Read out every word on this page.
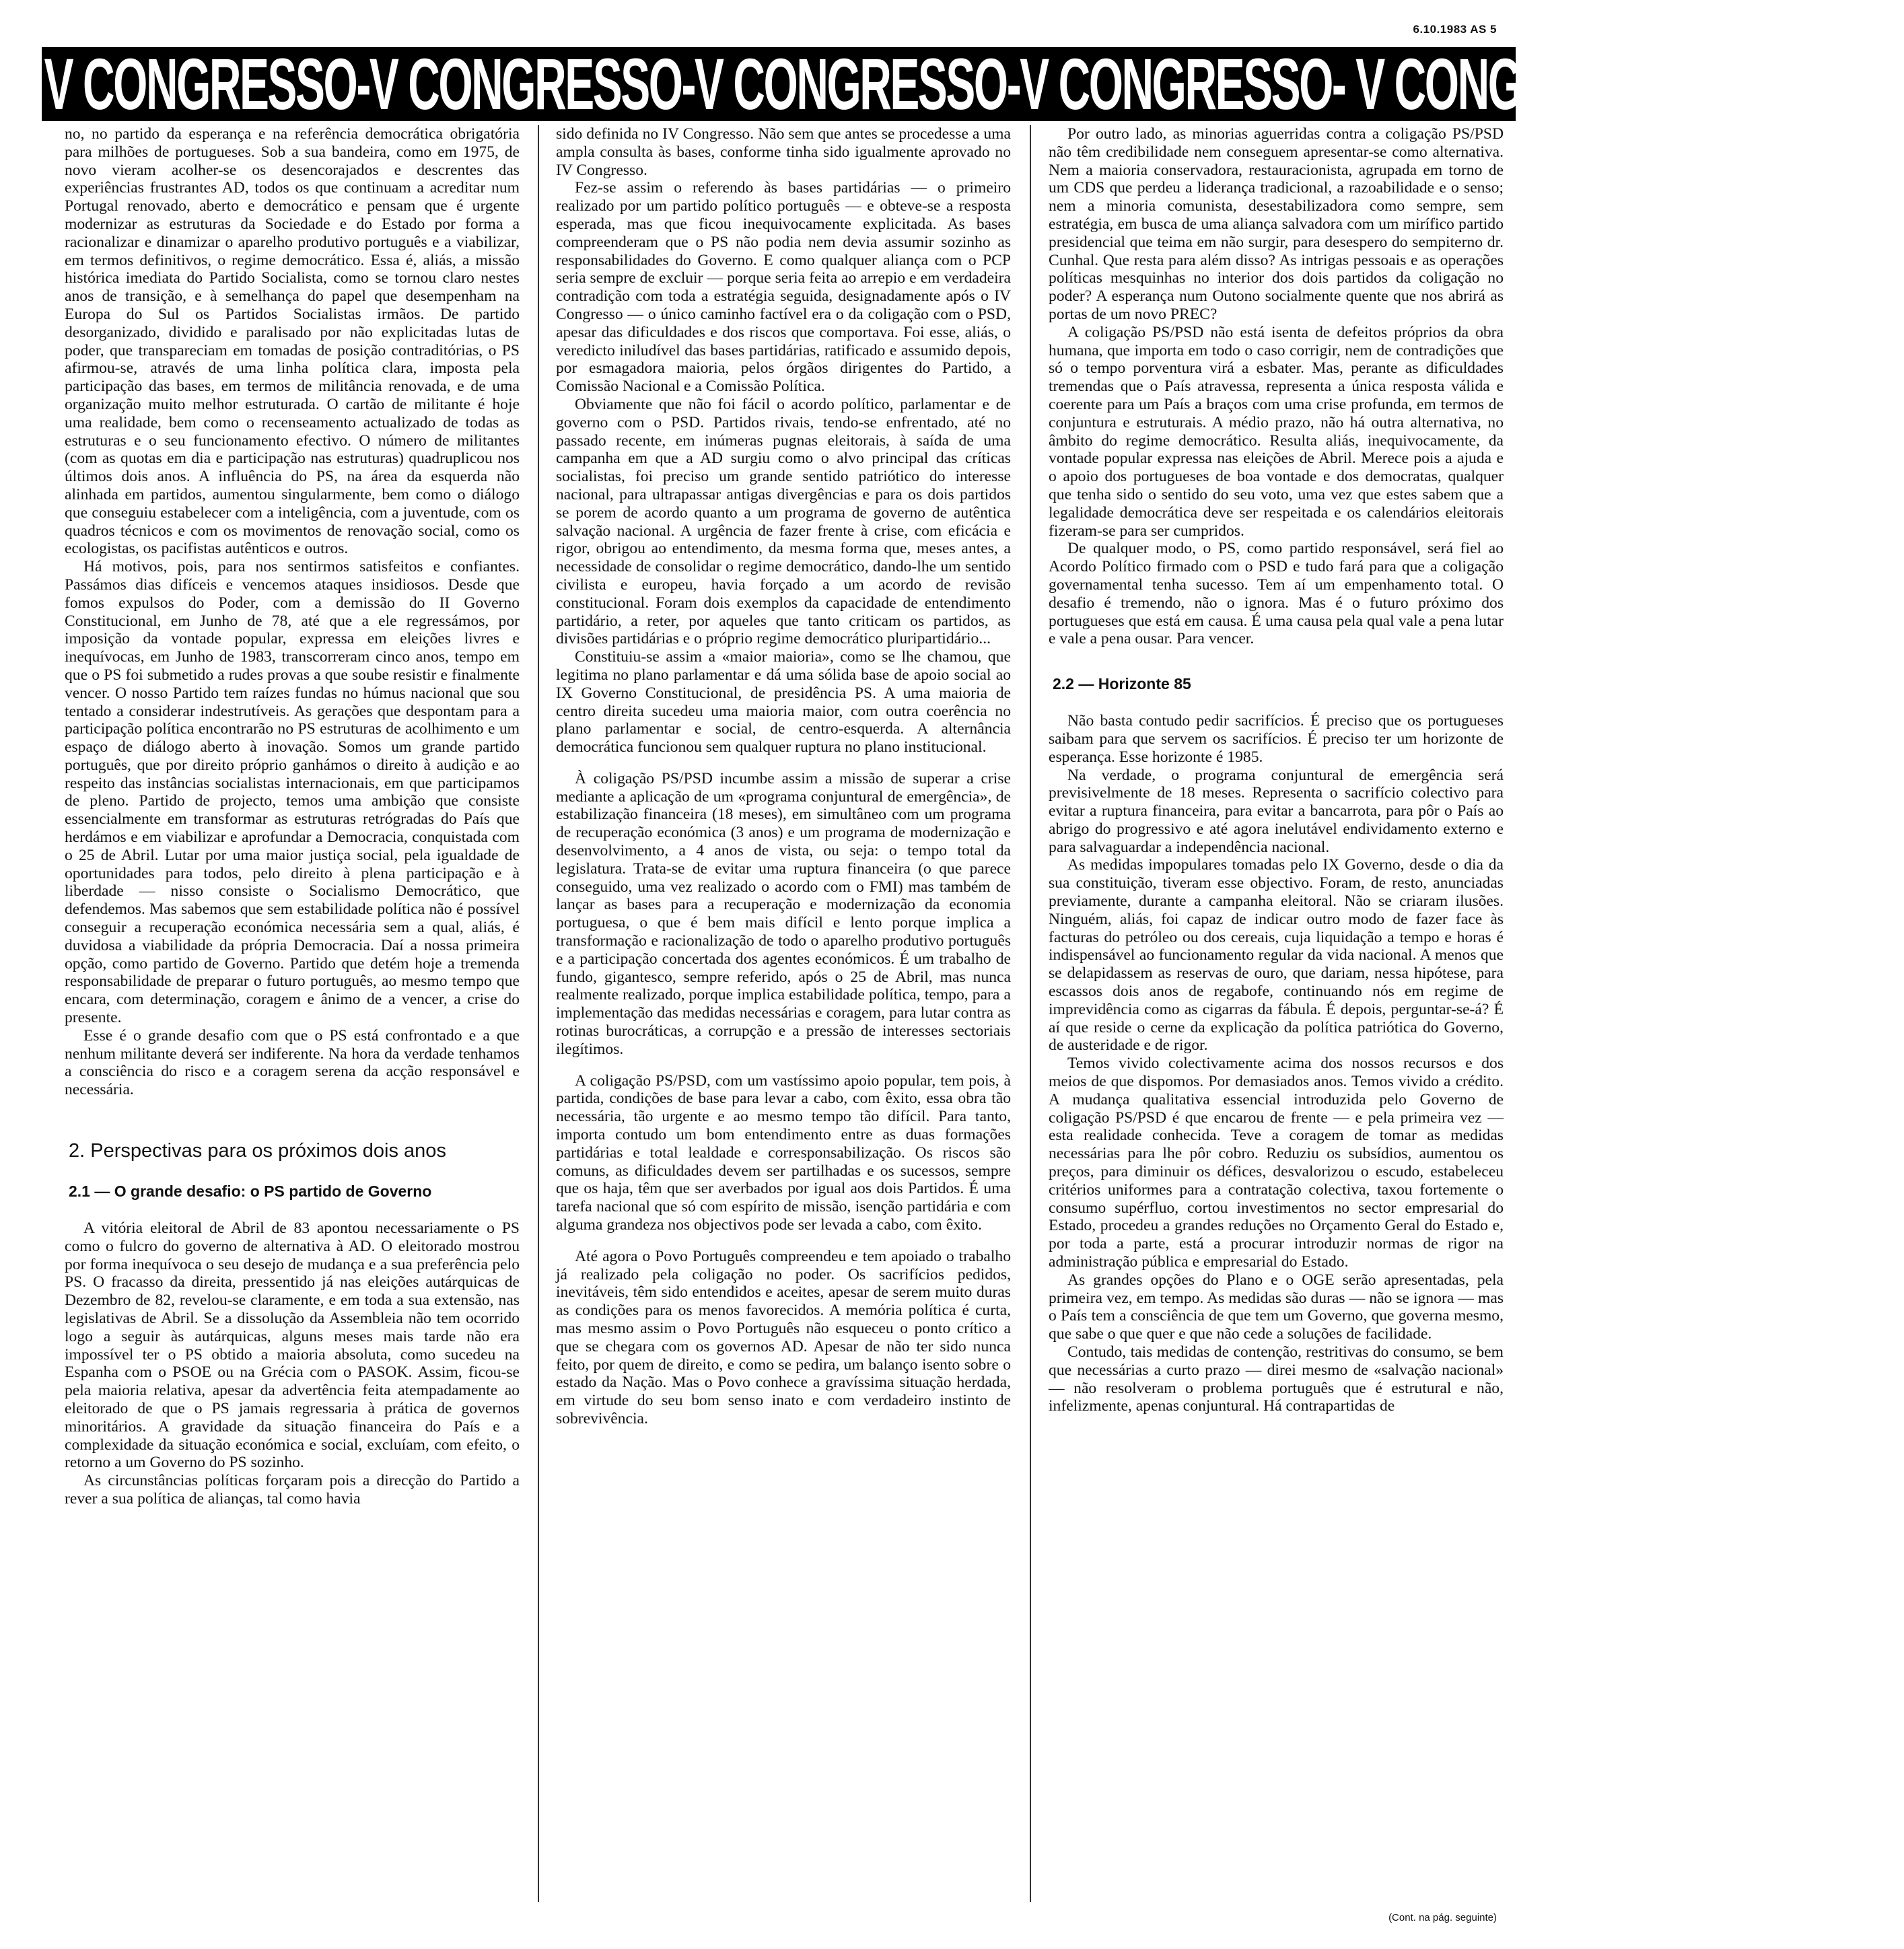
6.10.1983 AS 5
V CONGRESSO-V CONGRESSO-V CONGRESSO-V CONGRESSO- V CONGRESSO-V CONGRE

no, no partido da esperança e na referência democrática obrigatória para milhões de portugueses. Sob a sua bandeira, como em 1975, de novo vieram acolher-se os desencorajados e descrentes das experiências frustrantes AD, todos os que continuam a acreditar num Portugal renovado, aberto e democrático e pensam que é urgente modernizar as estruturas da Sociedade e do Estado por forma a racionalizar e dinamizar o aparelho produtivo português e a viabilizar, em termos definitivos, o regime democrático. Essa é, aliás, a missão histórica imediata do Partido Socialista, como se tornou claro nestes anos de transição, e à semelhança do papel que desempenham na Europa do Sul os Partidos Socialistas irmãos. De partido desorganizado, dividido e paralisado por não explicitadas lutas de poder, que transpareciam em tomadas de posição contraditórias, o PS afirmou-se, através de uma linha política clara, imposta pela participação das bases, em termos de militância renovada, e de uma organização muito melhor estruturada. O cartão de militante é hoje uma realidade, bem como o recenseamento actualizado de todas as estruturas e o seu funcionamento efectivo. O número de militantes (com as quotas em dia e participação nas estruturas) quadruplicou nos últimos dois anos. A influência do PS, na área da esquerda não alinhada em partidos, aumentou singularmente, bem como o diálogo que conseguiu estabelecer com a inteligência, com a juventude, com os quadros técnicos e com os movimentos de renovação social, como os ecologistas, os pacifistas autênticos e outros.

Há motivos, pois, para nos sentirmos satisfeitos e confiantes. Passámos dias difíceis e vencemos ataques insidiosos. Desde que fomos expulsos do Poder, com a demissão do II Governo Constitucional, em Junho de 78, até que a ele regressámos, por imposição da vontade popular, expressa em eleições livres e inequívocas, em Junho de 1983, transcorreram cinco anos, tempo em que o PS foi submetido a rudes provas a que soube resistir e finalmente vencer. O nosso Partido tem raízes fundas no húmus nacional que sou tentado a considerar indestrutíveis. As gerações que despontam para a participação política encontrarão no PS estruturas de acolhimento e um espaço de diálogo aberto à inovação. Somos um grande partido português, que por direito próprio ganhámos o direito à audição e ao respeito das instâncias socialistas internacionais, em que participamos de pleno. Partido de projecto, temos uma ambição que consiste essencialmente em transformar as estruturas retrógradas do País que herdámos e em viabilizar e aprofundar a Democracia, conquistada com o 25 de Abril. Lutar por uma maior justiça social, pela igualdade de oportunidades para todos, pelo direito à plena participação e à liberdade — nisso consiste o Socialismo Democrático, que defendemos. Mas sabemos que sem estabilidade política não é possível conseguir a recuperação económica necessária sem a qual, aliás, é duvidosa a viabilidade da própria Democracia. Daí a nossa primeira opção, como partido de Governo. Partido que detém hoje a tremenda responsabilidade de preparar o futuro português, ao mesmo tempo que encara, com determinação, coragem e ânimo de a vencer, a crise do presente.

Esse é o grande desafio com que o PS está confrontado e a que nenhum militante deverá ser indiferente. Na hora da verdade tenhamos a consciência do risco e a coragem serena da acção responsável e necessária.

2. Perspectivas para os próximos dois anos
2.1 — O grande desafio: o PS partido de Governo

A vitória eleitoral de Abril de 83 apontou necessariamente o PS como o fulcro do governo de alternativa à AD. O eleitorado mostrou por forma inequívoca o seu desejo de mudança e a sua preferência pelo PS. O fracasso da direita, pressentido já nas eleições autárquicas de Dezembro de 82, revelou-se claramente, e em toda a sua extensão, nas legislativas de Abril. Se a dissolução da Assembleia não tem ocorrido logo a seguir às autárquicas, alguns meses mais tarde não era impossível ter o PS obtido a maioria absoluta, como sucedeu na Espanha com o PSOE ou na Grécia com o PASOK. Assim, ficou-se pela maioria relativa, apesar da advertência feita atempadamente ao eleitorado de que o PS jamais regressaria à prática de governos minoritários. A gravidade da situação financeira do País e a complexidade da situação económica e social, excluíam, com efeito, o retorno a um Governo do PS sozinho.

As circunstâncias políticas forçaram pois a direcção do Partido a rever a sua política de alianças, tal como havia

sido definida no IV Congresso. Não sem que antes se procedesse a uma ampla consulta às bases, conforme tinha sido igualmente aprovado no IV Congresso.

Fez-se assim o referendo às bases partidárias — o primeiro realizado por um partido político português — e obteve-se a resposta esperada, mas que ficou inequivocamente explicitada. As bases compreenderam que o PS não podia nem devia assumir sozinho as responsabilidades do Governo. E como qualquer aliança com o PCP seria sempre de excluir — porque seria feita ao arrepio e em verdadeira contradição com toda a estratégia seguida, designadamente após o IV Congresso — o único caminho factível era o da coligação com o PSD, apesar das dificuldades e dos riscos que comportava. Foi esse, aliás, o veredicto iniludível das bases partidárias, ratificado e assumido depois, por esmagadora maioria, pelos órgãos dirigentes do Partido, a Comissão Nacional e a Comissão Política.

Obviamente que não foi fácil o acordo político, parlamentar e de governo com o PSD. Partidos rivais, tendo-se enfrentado, até no passado recente, em inúmeras pugnas eleitorais, à saída de uma campanha em que a AD surgiu como o alvo principal das críticas socialistas, foi preciso um grande sentido patriótico do interesse nacional, para ultrapassar antigas divergências e para os dois partidos se porem de acordo quanto a um programa de governo de autêntica salvação nacional. A urgência de fazer frente à crise, com eficácia e rigor, obrigou ao entendimento, da mesma forma que, meses antes, a necessidade de consolidar o regime democrático, dando-lhe um sentido civilista e europeu, havia forçado a um acordo de revisão constitucional. Foram dois exemplos da capacidade de entendimento partidário, a reter, por aqueles que tanto criticam os partidos, as divisões partidárias e o próprio regime democrático pluripartidário...

Constituiu-se assim a «maior maioria», como se lhe chamou, que legitima no plano parlamentar e dá uma sólida base de apoio social ao IX Governo Constitucional, de presidência PS. A uma maioria de centro direita sucedeu uma maioria maior, com outra coerência no plano parlamentar e social, de centro-esquerda. A alternância democrática funcionou sem qualquer ruptura no plano institucional.

À coligação PS/PSD incumbe assim a missão de superar a crise mediante a aplicação de um «programa conjuntural de emergência», de estabilização financeira (18 meses), em simultâneo com um programa de recuperação económica (3 anos) e um programa de modernização e desenvolvimento, a 4 anos de vista, ou seja: o tempo total da legislatura. Trata-se de evitar uma ruptura financeira (o que parece conseguido, uma vez realizado o acordo com o FMI) mas também de lançar as bases para a recuperação e modernização da economia portuguesa, o que é bem mais difícil e lento porque implica a transformação e racionalização de todo o aparelho produtivo português e a participação concertada dos agentes económicos. É um trabalho de fundo, gigantesco, sempre referido, após o 25 de Abril, mas nunca realmente realizado, porque implica estabilidade política, tempo, para a implementação das medidas necessárias e coragem, para lutar contra as rotinas burocráticas, a corrupção e a pressão de interesses sectoriais ilegítimos.

A coligação PS/PSD, com um vastíssimo apoio popular, tem pois, à partida, condições de base para levar a cabo, com êxito, essa obra tão necessária, tão urgente e ao mesmo tempo tão difícil. Para tanto, importa contudo um bom entendimento entre as duas formações partidárias e total lealdade e corresponsabilização. Os riscos são comuns, as dificuldades devem ser partilhadas e os sucessos, sempre que os haja, têm que ser averbados por igual aos dois Partidos. É uma tarefa nacional que só com espírito de missão, isenção partidária e com alguma grandeza nos objectivos pode ser levada a cabo, com êxito.

Até agora o Povo Português compreendeu e tem apoiado o trabalho já realizado pela coligação no poder. Os sacrifícios pedidos, inevitáveis, têm sido entendidos e aceites, apesar de serem muito duras as condições para os menos favorecidos. A memória política é curta, mas mesmo assim o Povo Português não esqueceu o ponto crítico a que se chegara com os governos AD. Apesar de não ter sido nunca feito, por quem de direito, e como se pedira, um balanço isento sobre o estado da Nação. Mas o Povo conhece a gravíssima situação herdada, em virtude do seu bom senso inato e com verdadeiro instinto de sobrevivência.

Por outro lado, as minorias aguerridas contra a coligação PS/PSD não têm credibilidade nem conseguem apresentar-se como alternativa. Nem a maioria conservadora, restauracionista, agrupada em torno de um CDS que perdeu a liderança tradicional, a razoabilidade e o senso; nem a minoria comunista, desestabilizadora como sempre, sem estratégia, em busca de uma aliança salvadora com um mirífico partido presidencial que teima em não surgir, para desespero do sempiterno dr. Cunhal. Que resta para além disso? As intrigas pessoais e as operações políticas mesquinhas no interior dos dois partidos da coligação no poder? A esperança num Outono socialmente quente que nos abrirá as portas de um novo PREC?

A coligação PS/PSD não está isenta de defeitos próprios da obra humana, que importa em todo o caso corrigir, nem de contradições que só o tempo porventura virá a esbater. Mas, perante as dificuldades tremendas que o País atravessa, representa a única resposta válida e coerente para um País a braços com uma crise profunda, em termos de conjuntura e estruturais. A médio prazo, não há outra alternativa, no âmbito do regime democrático. Resulta aliás, inequivocamente, da vontade popular expressa nas eleições de Abril. Merece pois a ajuda e o apoio dos portugueses de boa vontade e dos democratas, qualquer que tenha sido o sentido do seu voto, uma vez que estes sabem que a legalidade democrática deve ser respeitada e os calendários eleitorais fizeram-se para ser cumpridos.

De qualquer modo, o PS, como partido responsável, será fiel ao Acordo Político firmado com o PSD e tudo fará para que a coligação governamental tenha sucesso. Tem aí um empenhamento total. O desafio é tremendo, não o ignora. Mas é o futuro próximo dos portugueses que está em causa. É uma causa pela qual vale a pena lutar e vale a pena ousar. Para vencer.

2.2 — Horizonte 85

Não basta contudo pedir sacrifícios. É preciso que os portugueses saibam para que servem os sacrifícios. É preciso ter um horizonte de esperança. Esse horizonte é 1985.

Na verdade, o programa conjuntural de emergência será previsivelmente de 18 meses. Representa o sacrifício colectivo para evitar a ruptura financeira, para evitar a bancarrota, para pôr o País ao abrigo do progressivo e até agora inelutável endividamento externo e para salvaguardar a independência nacional.

As medidas impopulares tomadas pelo IX Governo, desde o dia da sua constituição, tiveram esse objectivo. Foram, de resto, anunciadas previamente, durante a campanha eleitoral. Não se criaram ilusões. Ninguém, aliás, foi capaz de indicar outro modo de fazer face às facturas do petróleo ou dos cereais, cuja liquidação a tempo e horas é indispensável ao funcionamento regular da vida nacional. A menos que se delapidassem as reservas de ouro, que dariam, nessa hipótese, para escassos dois anos de regabofe, continuando nós em regime de imprevidência como as cigarras da fábula. É depois, perguntar-se-á? É aí que reside o cerne da explicação da política patriótica do Governo, de austeridade e de rigor.

Temos vivido colectivamente acima dos nossos recursos e dos meios de que dispomos. Por demasiados anos. Temos vivido a crédito. A mudança qualitativa essencial introduzida pelo Governo de coligação PS/PSD é que encarou de frente — e pela primeira vez — esta realidade conhecida. Teve a coragem de tomar as medidas necessárias para lhe pôr cobro. Reduziu os subsídios, aumentou os preços, para diminuir os défices, desvalorizou o escudo, estabeleceu critérios uniformes para a contratação colectiva, taxou fortemente o consumo supérfluo, cortou investimentos no sector empresarial do Estado, procedeu a grandes reduções no Orçamento Geral do Estado e, por toda a parte, está a procurar introduzir normas de rigor na administração pública e empresarial do Estado.

As grandes opções do Plano e o OGE serão apresentadas, pela primeira vez, em tempo. As medidas são duras — não se ignora — mas o País tem a consciência de que tem um Governo, que governa mesmo, que sabe o que quer e que não cede a soluções de facilidade.

Contudo, tais medidas de contenção, restritivas do consumo, se bem que necessárias a curto prazo — direi mesmo de «salvação nacional» — não resolveram o problema português que é estrutural e não, infelizmente, apenas conjuntural. Há contrapartidas de

(Cont. na pág. seguinte)
